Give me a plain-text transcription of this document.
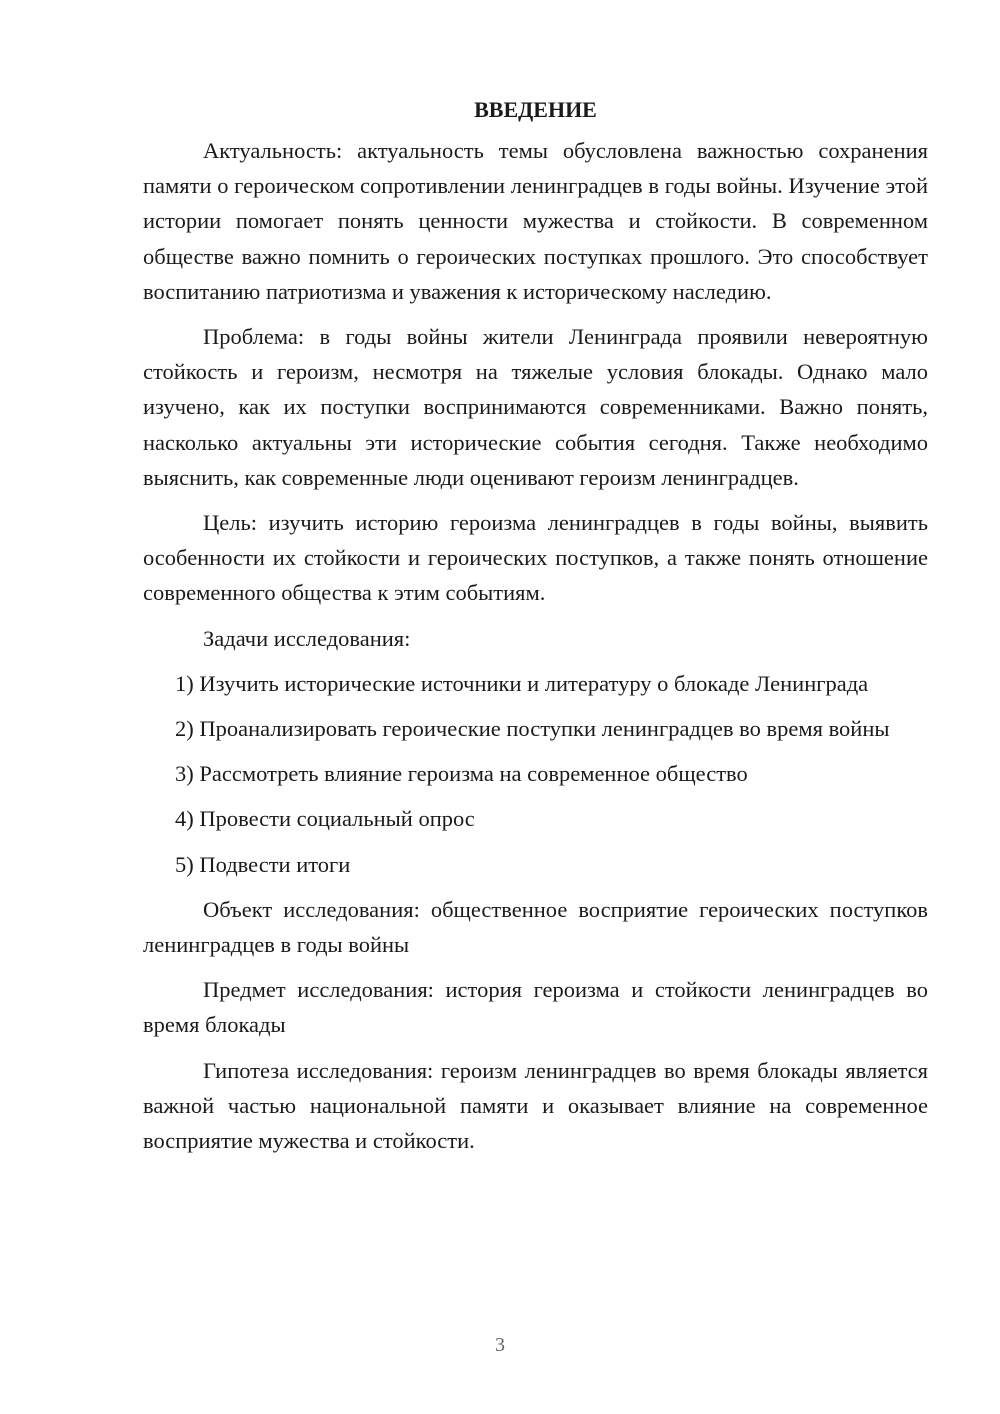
ВВЕДЕНИЕ

Актуальность: актуальность темы обусловлена важностью сохранения памяти о героическом сопротивлении ленинградцев в годы войны. Изучение этой истории помогает понять ценности мужества и стойкости. В современном обществе важно помнить о героических поступках прошлого. Это способствует воспитанию патриотизма и уважения к историческому наследию.

Проблема: в годы войны жители Ленинграда проявили невероятную стойкость и героизм, несмотря на тяжелые условия блокады. Однако мало изучено, как их поступки воспринимаются современниками. Важно понять, насколько актуальны эти исторические события сегодня. Также необходимо выяснить, как современные люди оценивают героизм ленинградцев.

Цель: изучить историю героизма ленинградцев в годы войны, выявить особенности их стойкости и героических поступков, а также понять отношение современного общества к этим событиям.

Задачи исследования:

1) Изучить исторические источники и литературу о блокаде Ленинграда

2) Проанализировать героические поступки ленинградцев во время войны

3) Рассмотреть влияние героизма на современное общество

4) Провести социальный опрос

5) Подвести итоги

Объект исследования: общественное восприятие героических поступков ленинградцев в годы войны

Предмет исследования: история героизма и стойкости ленинградцев во время блокады

Гипотеза исследования: героизм ленинградцев во время блокады является важной частью национальной памяти и оказывает влияние на современное восприятие мужества и стойкости.

3
